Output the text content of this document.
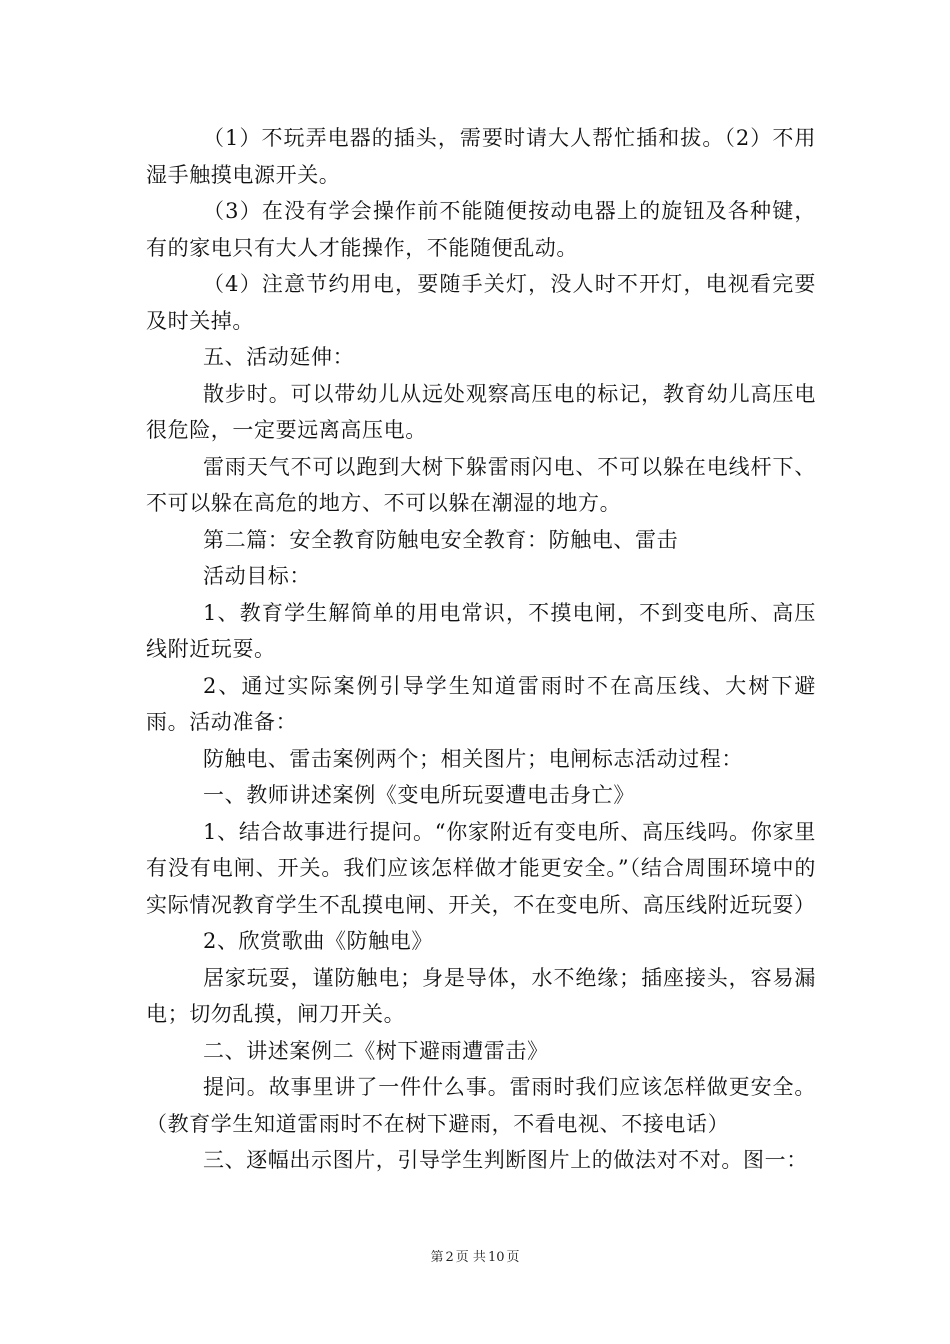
（1）不玩弄电器的插头，需要时请大人帮忙插和拔。（2）不用湿手触摸电源开关。

（3）在没有学会操作前不能随便按动电器上的旋钮及各种键，有的家电只有大人才能操作，不能随便乱动。

（4）注意节约用电，要随手关灯，没人时不开灯，电视看完要及时关掉。

五、活动延伸：

散步时。可以带幼儿从远处观察高压电的标记，教育幼儿高压电很危险，一定要远离高压电。

雷雨天气不可以跑到大树下躲雷雨闪电、不可以躲在电线杆下、不可以躲在高危的地方、不可以躲在潮湿的地方。

第二篇：安全教育防触电安全教育：防触电、雷击

活动目标：

1、教育学生解简单的用电常识，不摸电闸，不到变电所、高压线附近玩耍。

2、通过实际案例引导学生知道雷雨时不在高压线、大树下避雨。活动准备：

防触电、雷击案例两个；相关图片；电闸标志活动过程：

一、教师讲述案例《变电所玩耍遭电击身亡》

1、结合故事进行提问。“你家附近有变电所、高压线吗。你家里有没有电闸、开关。我们应该怎样做才能更安全。”（结合周围环境中的实际情况教育学生不乱摸电闸、开关，不在变电所、高压线附近玩耍）

2、欣赏歌曲《防触电》

居家玩耍，谨防触电；身是导体，水不绝缘；插座接头，容易漏电；切勿乱摸，闸刀开关。

二、讲述案例二《树下避雨遭雷击》

提问。故事里讲了一件什么事。雷雨时我们应该怎样做更安全。（教育学生知道雷雨时不在树下避雨，不看电视、不接电话）

三、逐幅出示图片，引导学生判断图片上的做法对不对。图一：

第 2 页 共 10 页
